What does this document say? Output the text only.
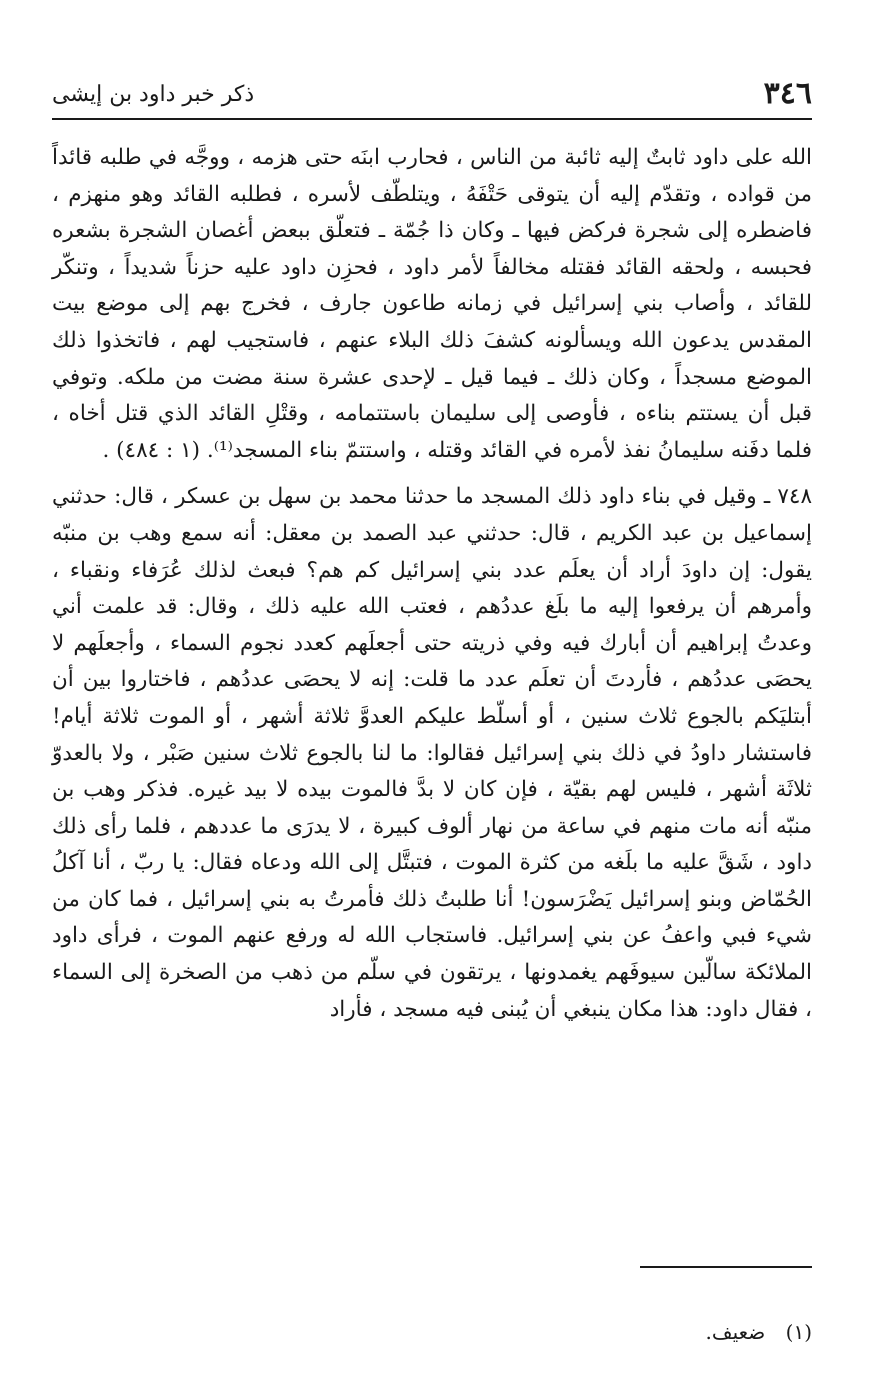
٣٤٦
ذكر خبر داود بن إيشى

الله على داود ثابتٌ إليه ثائبة من الناس ، فحارب ابنَه حتى هزمه ، ووجَّه في طلبه قائداً من قواده ، وتقدّم إليه أن يتوقى حَتْفَهُ ، ويتلطّف لأسره ، فطلبه القائد وهو منهزم ، فاضطره إلى شجرة فركض فيها ـ وكان ذا جُمّة ـ فتعلّق ببعض أغصان الشجرة بشعره فحبسه ، ولحقه القائد فقتله مخالفاً لأمر داود ، فحزِن داود عليه حزناً شديداً ، وتنكّر للقائد ، وأصاب بني إسرائيل في زمانه طاعون جارف ، فخرج بهم إلى موضع بيت المقدس يدعون الله ويسألونه كشفَ ذلك البلاء عنهم ، فاستجيب لهم ، فاتخذوا ذلك الموضع مسجداً ، وكان ذلك ـ فيما قيل ـ لإحدى عشرة سنة مضت من ملكه. وتوفي قبل أن يستتم بناءه ، فأوصى إلى سليمان باستتمامه ، وقتْلِ القائد الذي قتل أخاه ، فلما دفَنه سليمانُ نفذ لأمره في القائد وقتله ، واستتمّ بناء المسجد⁽¹⁾. (١ : ٤٨٤) .

٧٤٨ ـ وقيل في بناء داود ذلك المسجد ما حدثنا محمد بن سهل بن عسكر ، قال: حدثني إسماعيل بن عبد الكريم ، قال: حدثني عبد الصمد بن معقل: أنه سمع وهب بن منبّه يقول: إن داودَ أراد أن يعلَم عدد بني إسرائيل كم هم؟ فبعث لذلك عُرَفاء ونقباء ، وأمرهم أن يرفعوا إليه ما بلَغ عددُهم ، فعتب الله عليه ذلك ، وقال: قد علمت أني وعدتُ إبراهيم أن أبارك فيه وفي ذريته حتى أجعلَهم كعدد نجوم السماء ، وأجعلَهم لا يحصَى عددُهم ، فأردتَ أن تعلَم عدد ما قلت: إنه لا يحصَى عددُهم ، فاختاروا بين أن أبتليَكم بالجوع ثلاث سنين ، أو أسلّط عليكم العدوَّ ثلاثة أشهر ، أو الموت ثلاثة أيام! فاستشار داودُ في ذلك بني إسرائيل فقالوا: ما لنا بالجوع ثلاث سنين صَبْر ، ولا بالعدوّ ثلاثَة أشهر ، فليس لهم بقيّة ، فإن كان لا بدَّ فالموت بيده لا بيد غيره. فذكر وهب بن منبّه أنه مات منهم في ساعة من نهار ألوف كبيرة ، لا يدرَى ما عددهم ، فلما رأى ذلك داود ، شَقَّ عليه ما بلَغه من كثرة الموت ، فتبتَّل إلى الله ودعاه فقال: يا ربّ ، أنا آكلُ الحُمّاض وبنو إسرائيل يَضْرَسون! أنا طلبتُ ذلك فأمرتُ به بني إسرائيل ، فما كان من شيء فبي واعفُ عن بني إسرائيل. فاستجاب الله له ورفع عنهم الموت ، فرأى داود الملائكة سالّين سيوفَهم يغمدونها ، يرتقون في سلّم من ذهب من الصخرة إلى السماء ، فقال داود: هذا مكان ينبغي أن يُبنى فيه مسجد ، فأراد

(١) ضعيف.
